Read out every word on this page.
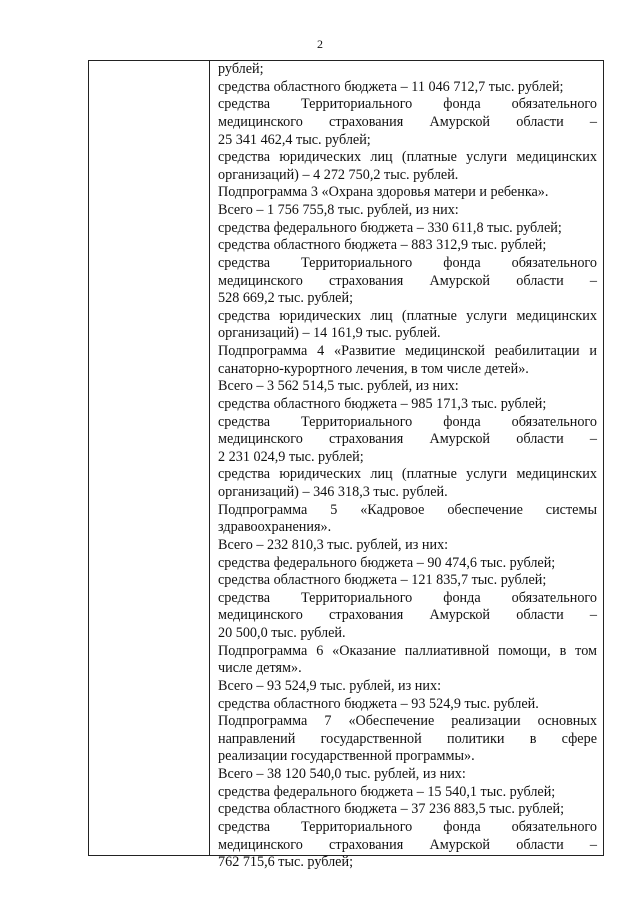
2
рублей;
средства областного бюджета – 11 046 712,7 тыс. рублей;
средства Территориального фонда обязательного
медицинского страхования Амурской области –
25 341 462,4 тыс. рублей;
средства юридических лиц (платные услуги медицинских
организаций) – 4 272 750,2 тыс. рублей.
Подпрограмма 3 «Охрана здоровья матери и ребенка».
Всего – 1 756 755,8 тыс. рублей, из них:
средства федерального бюджета – 330 611,8 тыс. рублей;
средства областного бюджета – 883 312,9 тыс. рублей;
средства Территориального фонда обязательного
медицинского страхования Амурской области –
528 669,2 тыс. рублей;
средства юридических лиц (платные услуги медицинских
организаций) – 14 161,9 тыс. рублей.
Подпрограмма 4 «Развитие медицинской реабилитации и
санаторно-курортного лечения, в том числе детей».
Всего – 3 562 514,5 тыс. рублей, из них:
средства областного бюджета – 985 171,3 тыс. рублей;
средства Территориального фонда обязательного
медицинского страхования Амурской области –
2 231 024,9 тыс. рублей;
средства юридических лиц (платные услуги медицинских
организаций) – 346 318,3 тыс. рублей.
Подпрограмма 5 «Кадровое обеспечение системы
здравоохранения».
Всего – 232 810,3 тыс. рублей, из них:
средства федерального бюджета – 90 474,6 тыс. рублей;
средства областного бюджета – 121 835,7 тыс. рублей;
средства Территориального фонда обязательного
медицинского страхования Амурской области –
20 500,0 тыс. рублей.
Подпрограмма 6 «Оказание паллиативной помощи, в том
числе детям».
Всего – 93 524,9 тыс. рублей, из них:
средства областного бюджета – 93 524,9 тыс. рублей.
Подпрограмма 7 «Обеспечение реализации основных
направлений государственной политики в сфере
реализации государственной программы».
Всего – 38 120 540,0 тыс. рублей, из них:
средства федерального бюджета – 15 540,1 тыс. рублей;
средства областного бюджета – 37 236 883,5 тыс. рублей;
средства Территориального фонда обязательного
медицинского страхования Амурской области –
762 715,6 тыс. рублей;
